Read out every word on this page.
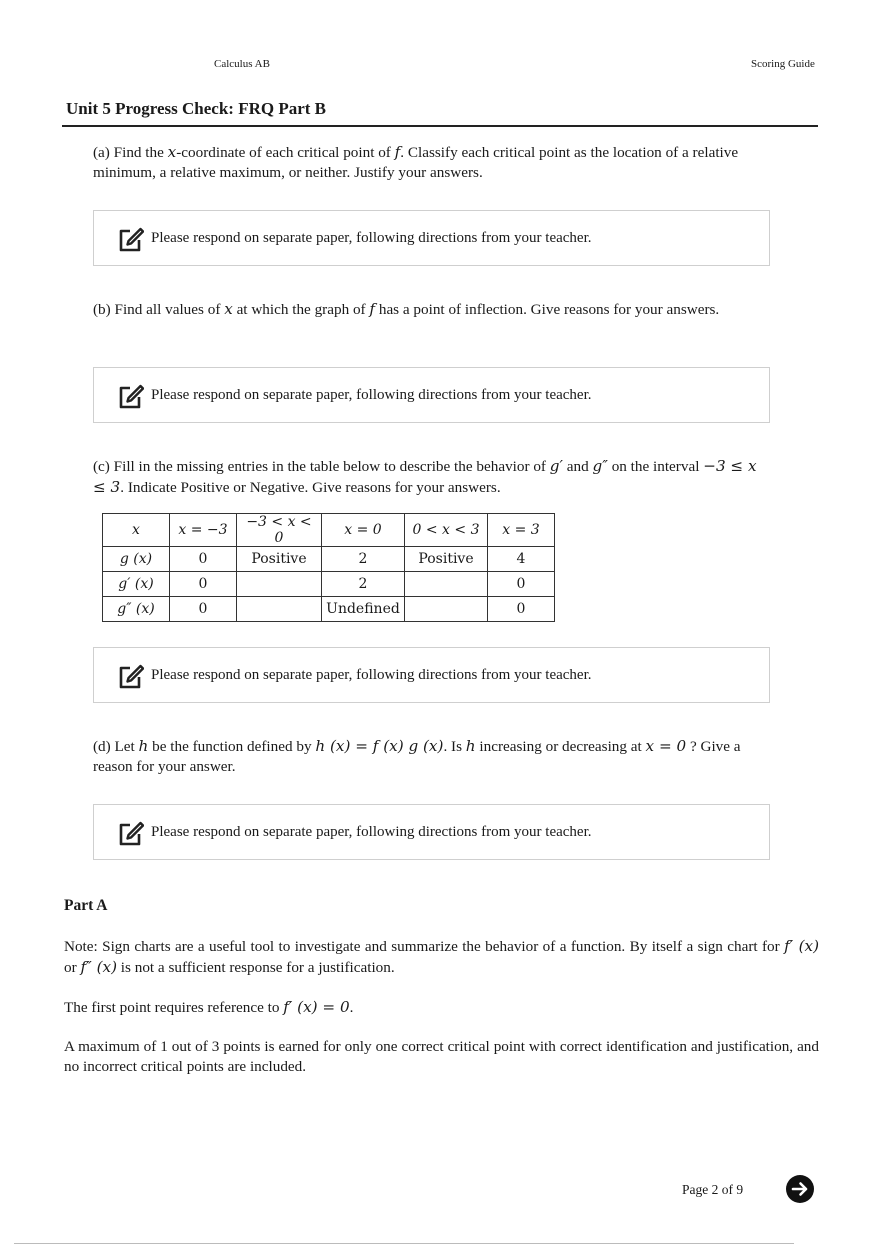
Calculus AB	Scoring Guide
Unit 5 Progress Check: FRQ Part B
(a) Find the x-coordinate of each critical point of f. Classify each critical point as the location of a relative minimum, a relative maximum, or neither. Justify your answers.
Please respond on separate paper, following directions from your teacher.
(b) Find all values of x at which the graph of f has a point of inflection. Give reasons for your answers.
Please respond on separate paper, following directions from your teacher.
(c) Fill in the missing entries in the table below to describe the behavior of g′ and g″ on the interval −3 ≤ x ≤ 3. Indicate Positive or Negative. Give reasons for your answers.
x	x = −3	−3 < x < 0	x = 0	0 < x < 3	x = 3
g (x)	0	Positive	2	Positive	4
g′ (x)	0		2		0
g″ (x)	0		Undefined		0
Please respond on separate paper, following directions from your teacher.
(d) Let h be the function defined by h (x) = f (x) g (x). Is h increasing or decreasing at x = 0 ? Give a reason for your answer.
Please respond on separate paper, following directions from your teacher.
Part A
Note: Sign charts are a useful tool to investigate and summarize the behavior of a function. By itself a sign chart for f′ (x) or f″ (x) is not a sufficient response for a justification.
The first point requires reference to f′ (x) = 0.
A maximum of 1 out of 3 points is earned for only one correct critical point with correct identification and justification, and no incorrect critical points are included.
Page 2 of 9
